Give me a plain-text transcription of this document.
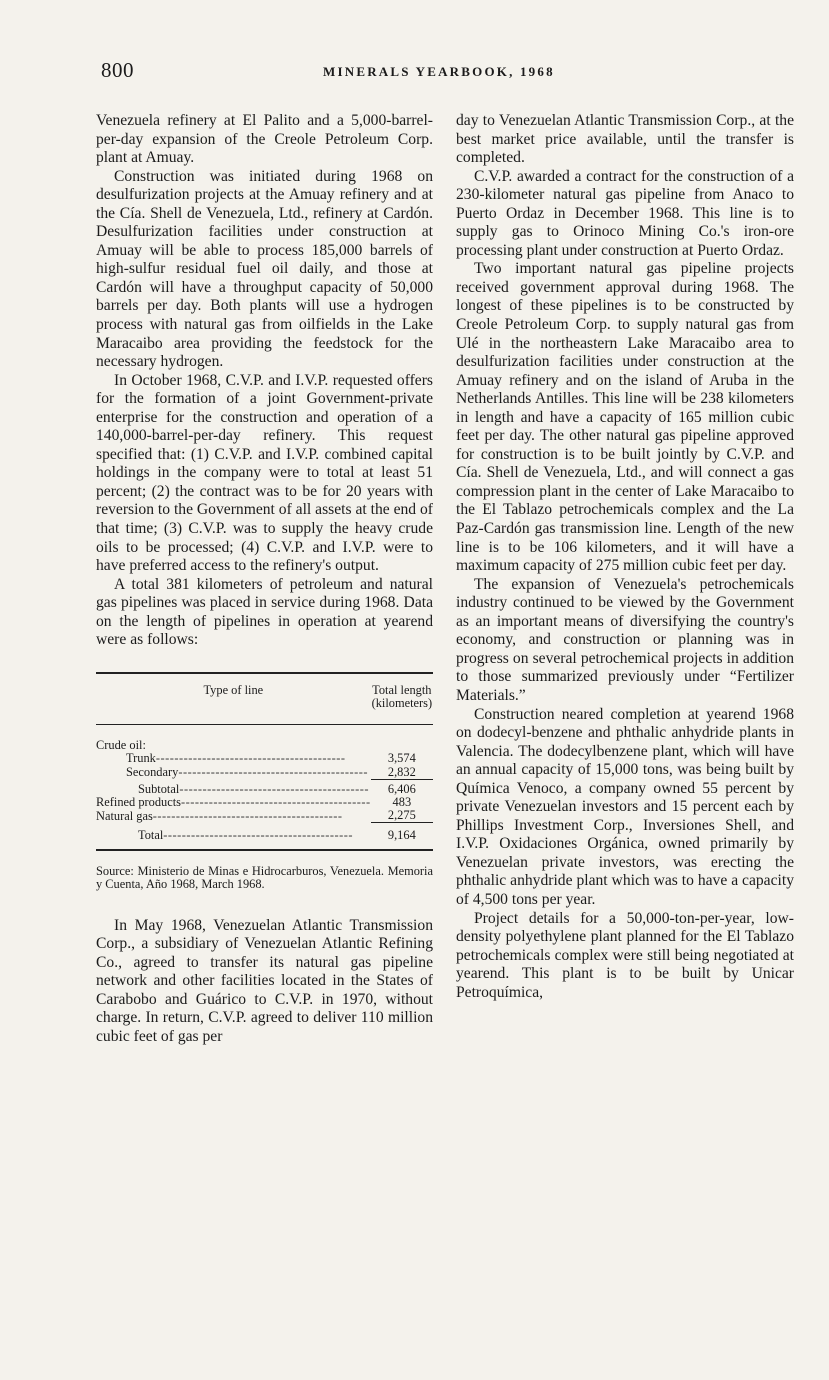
800	MINERALS YEARBOOK, 1968

Venezuela refinery at El Palito and a 5,000-barrel-per-day expansion of the Creole Petroleum Corp. plant at Amuay.

Construction was initiated during 1968 on desulfurization projects at the Amuay refinery and at the Cía. Shell de Venezuela, Ltd., refinery at Cardón. Desulfurization facilities under construction at Amuay will be able to process 185,000 barrels of high-sulfur residual fuel oil daily, and those at Cardón will have a throughput capacity of 50,000 barrels per day. Both plants will use a hydrogen process with natural gas from oilfields in the Lake Maracaibo area providing the feedstock for the necessary hydrogen.

In October 1968, C.V.P. and I.V.P. requested offers for the formation of a joint Government-private enterprise for the construction and operation of a 140,000-barrel-per-day refinery. This request specified that: (1) C.V.P. and I.V.P. combined capital holdings in the company were to total at least 51 percent; (2) the contract was to be for 20 years with reversion to the Government of all assets at the end of that time; (3) C.V.P. was to supply the heavy crude oils to be processed; (4) C.V.P. and I.V.P. were to have preferred access to the refinery's output.

A total 381 kilometers of petroleum and natural gas pipelines was placed in service during 1968. Data on the length of pipelines in operation at yearend were as follows:

Type of line	Total length (kilometers)
Crude oil:	
Trunk-----------------------------------------	3,574
Secondary-----------------------------------------	2,832
Subtotal-----------------------------------------	6,406
Refined products-----------------------------------------	483
Natural gas-----------------------------------------	2,275
Total-----------------------------------------	9,164
Source: Ministerio de Minas e Hidrocarburos, Venezuela. Memoria y Cuenta, Año 1968, March 1968.

In May 1968, Venezuelan Atlantic Transmission Corp., a subsidiary of Venezuelan Atlantic Refining Co., agreed to transfer its natural gas pipeline network and other facilities located in the States of Carabobo and Guárico to C.V.P. in 1970, without charge. In return, C.V.P. agreed to deliver 110 million cubic feet of gas per

day to Venezuelan Atlantic Transmission Corp., at the best market price available, until the transfer is completed.

C.V.P. awarded a contract for the construction of a 230-kilometer natural gas pipeline from Anaco to Puerto Ordaz in December 1968. This line is to supply gas to Orinoco Mining Co.'s iron-ore processing plant under construction at Puerto Ordaz.

Two important natural gas pipeline projects received government approval during 1968. The longest of these pipelines is to be constructed by Creole Petroleum Corp. to supply natural gas from Ulé in the northeastern Lake Maracaibo area to desulfurization facilities under construction at the Amuay refinery and on the island of Aruba in the Netherlands Antilles. This line will be 238 kilometers in length and have a capacity of 165 million cubic feet per day. The other natural gas pipeline approved for construction is to be built jointly by C.V.P. and Cía. Shell de Venezuela, Ltd., and will connect a gas compression plant in the center of Lake Maracaibo to the El Tablazo petrochemicals complex and the La Paz-Cardón gas transmission line. Length of the new line is to be 106 kilometers, and it will have a maximum capacity of 275 million cubic feet per day.

The expansion of Venezuela's petrochemicals industry continued to be viewed by the Government as an important means of diversifying the country's economy, and construction or planning was in progress on several petrochemical projects in addition to those summarized previously under “Fertilizer Materials.”

Construction neared completion at yearend 1968 on dodecyl-benzene and phthalic anhydride plants in Valencia. The dodecylbenzene plant, which will have an annual capacity of 15,000 tons, was being built by Química Venoco, a company owned 55 percent by private Venezuelan investors and 15 percent each by Phillips Investment Corp., Inversiones Shell, and I.V.P. Oxidaciones Orgánica, owned primarily by Venezuelan private investors, was erecting the phthalic anhydride plant which was to have a capacity of 4,500 tons per year.

Project details for a 50,000-ton-per-year, low-density polyethylene plant planned for the El Tablazo petrochemicals complex were still being negotiated at yearend. This plant is to be built by Unicar Petroquímica,
